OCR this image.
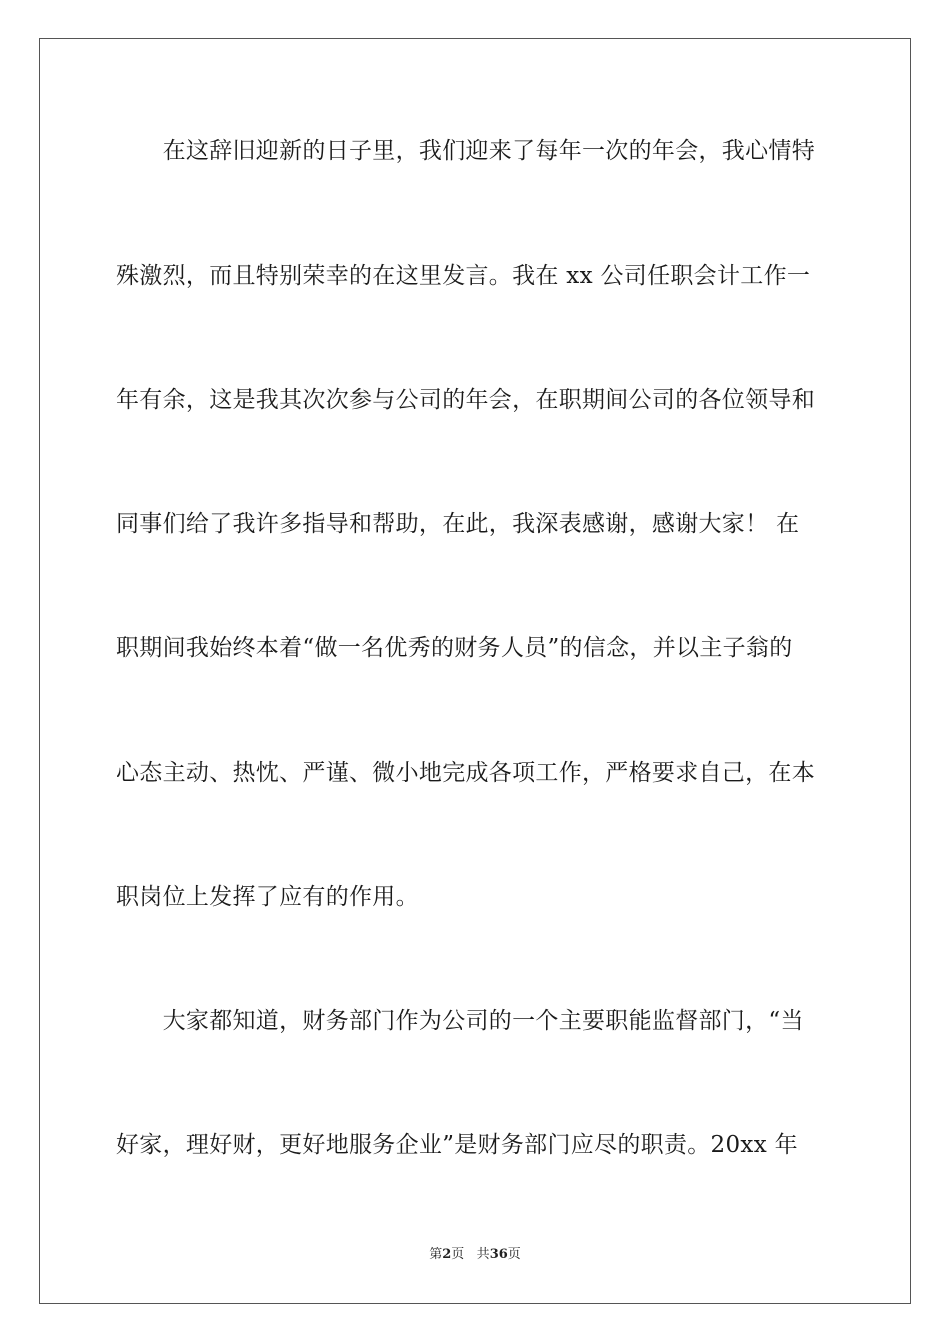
　　在这辞旧迎新的日子里，我们迎来了每年一次的年会，我心情特
殊激烈，而且特别荣幸的在这里发言。我在 xx 公司任职会计工作一
年有余，这是我其次次参与公司的年会，在职期间公司的各位领导和
同事们给了我许多指导和帮助，在此，我深表感谢，感谢大家！ 在
职期间我始终本着“做一名优秀的财务人员”的信念，并以主子翁的
心态主动、热忱、严谨、微小地完成各项工作，严格要求自己，在本
职岗位上发挥了应有的作用。
　　大家都知道，财务部门作为公司的一个主要职能监督部门，“当
好家，理好财，更好地服务企业”是财务部门应尽的职责。20xx 年
第2页 共36页
